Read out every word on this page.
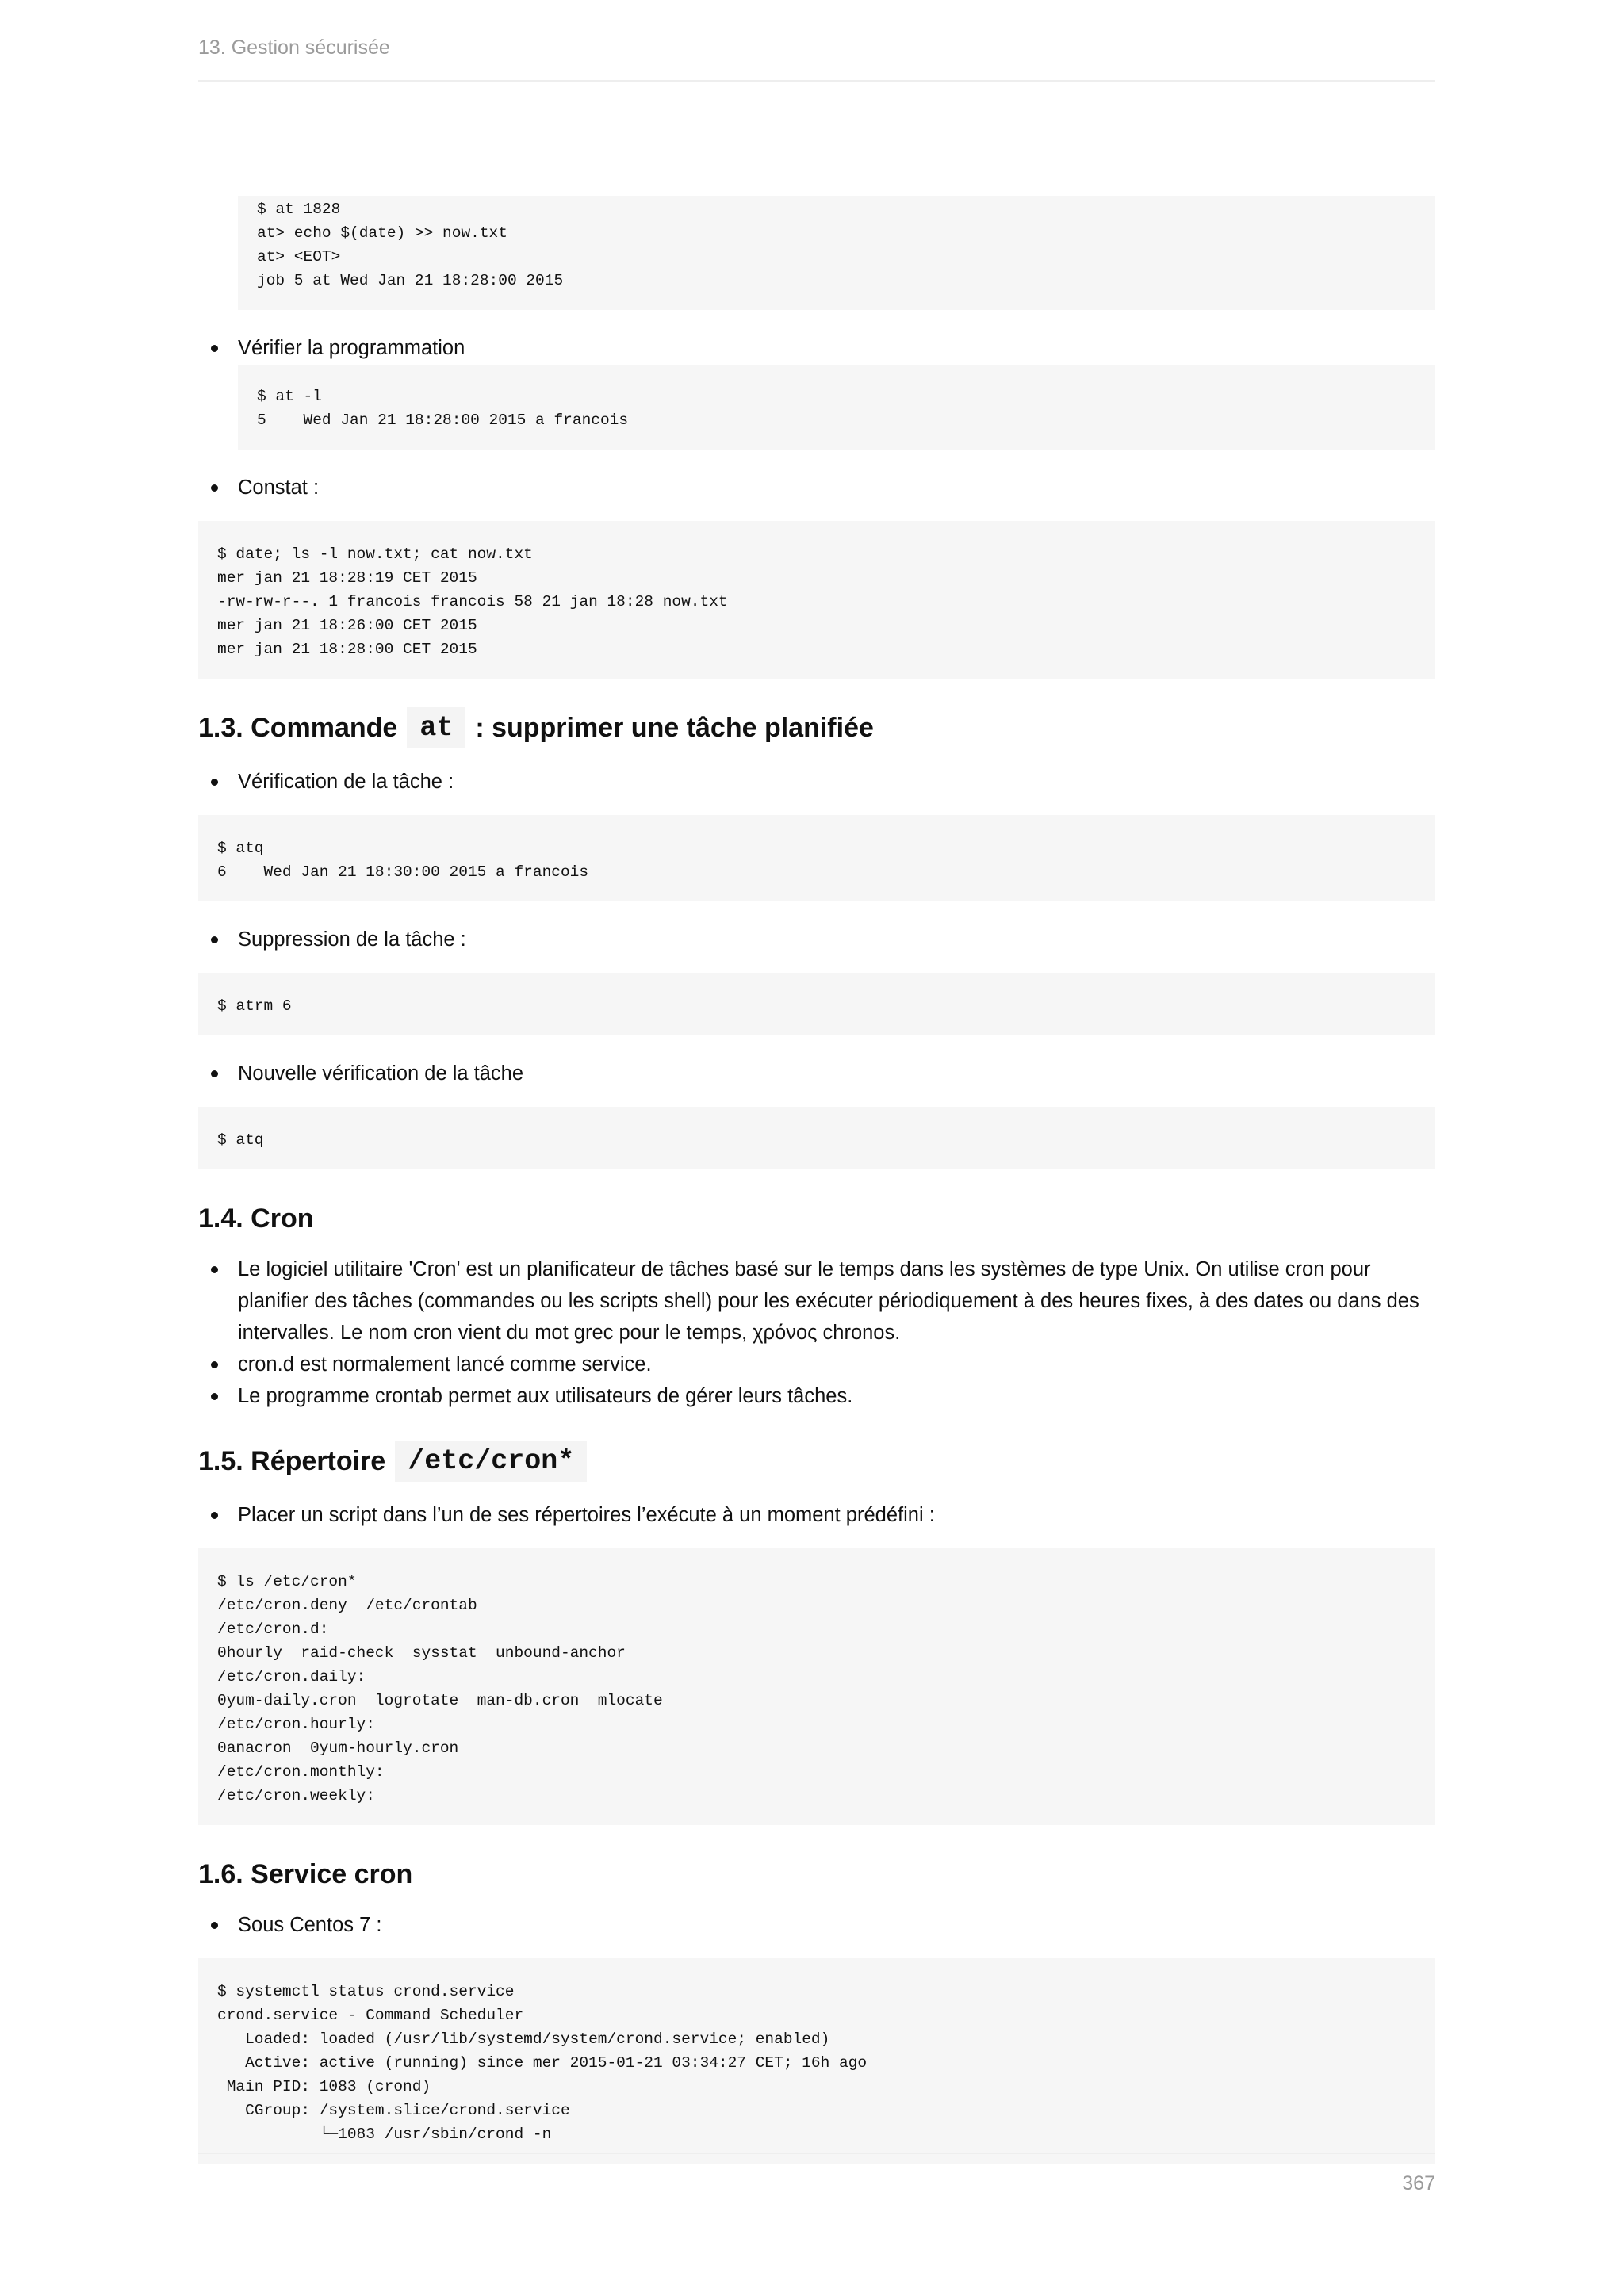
13. Gestion sécurisée
$ at 1828
at> echo $(date) >> now.txt
at> <EOT>
job 5 at Wed Jan 21 18:28:00 2015
Vérifier la programmation
$ at -l
5    Wed Jan 21 18:28:00 2015 a francois
Constat :
$ date; ls -l now.txt; cat now.txt
mer jan 21 18:28:19 CET 2015
-rw-rw-r--. 1 francois francois 58 21 jan 18:28 now.txt
mer jan 21 18:26:00 CET 2015
mer jan 21 18:28:00 CET 2015
1.3. Commande at : supprimer une tâche planifiée
Vérification de la tâche :
$ atq
6    Wed Jan 21 18:30:00 2015 a francois
Suppression de la tâche :
$ atrm 6
Nouvelle vérification de la tâche
$ atq
1.4. Cron
Le logiciel utilitaire 'Cron' est un planificateur de tâches basé sur le temps dans les systèmes de type Unix. On utilise cron pour planifier des tâches (commandes ou les scripts shell) pour les exécuter périodiquement à des heures fixes, à des dates ou dans des intervalles. Le nom cron vient du mot grec pour le temps, χρόνος chronos.
cron.d est normalement lancé comme service.
Le programme crontab permet aux utilisateurs de gérer leurs tâches.
1.5. Répertoire /etc/cron*
Placer un script dans l’un de ses répertoires l’exécute à un moment prédéfini :
$ ls /etc/cron*
/etc/cron.deny  /etc/crontab
/etc/cron.d:
0hourly  raid-check  sysstat  unbound-anchor
/etc/cron.daily:
0yum-daily.cron  logrotate  man-db.cron  mlocate
/etc/cron.hourly:
0anacron  0yum-hourly.cron
/etc/cron.monthly:
/etc/cron.weekly:
1.6. Service cron
Sous Centos 7 :
$ systemctl status crond.service
crond.service - Command Scheduler
Loaded: loaded (/usr/lib/systemd/system/crond.service; enabled)
Active: active (running) since mer 2015-01-21 03:34:27 CET; 16h ago
Main PID: 1083 (crond)
CGroup: /system.slice/crond.service
└─1083 /usr/sbin/crond -n
367
